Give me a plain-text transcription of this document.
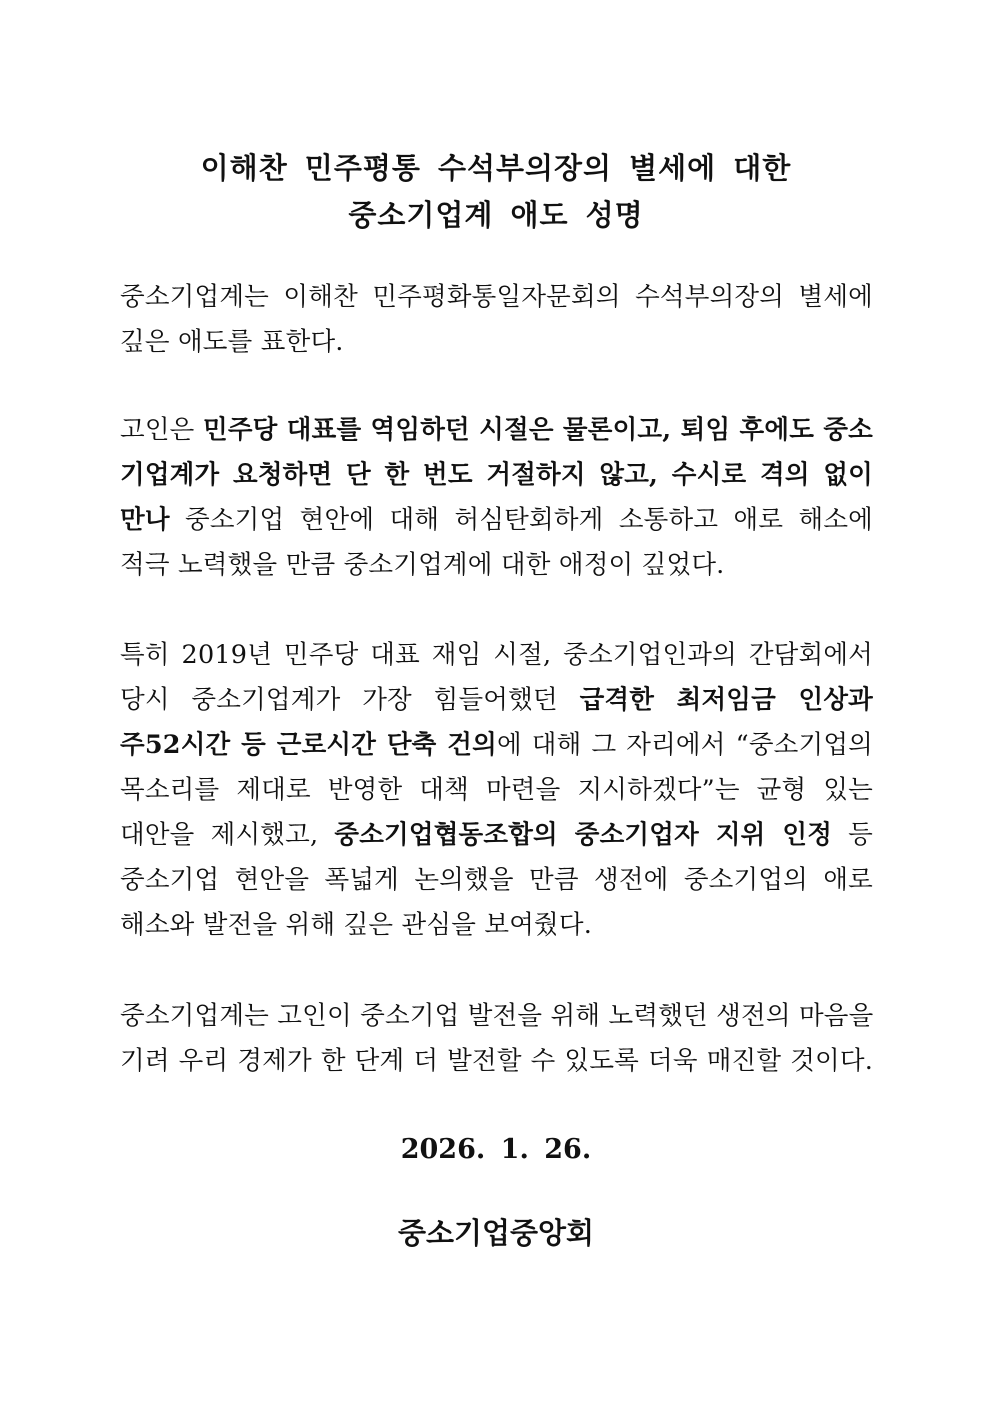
이해찬 민주평통 수석부의장의 별세에 대한
중소기업계 애도 성명
중소기업계는 이해찬 민주평화통일자문회의 수석부의장의 별세에
깊은 애도를 표한다.
고인은 민주당 대표를 역임하던 시절은 물론이고, 퇴임 후에도 중소
기업계가 요청하면 단 한 번도 거절하지 않고, 수시로 격의 없이
만나 중소기업 현안에 대해 허심탄회하게 소통하고 애로 해소에
적극 노력했을 만큼 중소기업계에 대한 애정이 깊었다.
특히 2019년 민주당 대표 재임 시절, 중소기업인과의 간담회에서
당시 중소기업계가 가장 힘들어했던 급격한 최저임금 인상과
주52시간 등 근로시간 단축 건의에 대해 그 자리에서 “중소기업의
목소리를 제대로 반영한 대책 마련을 지시하겠다”는 균형 있는
대안을 제시했고, 중소기업협동조합의 중소기업자 지위 인정 등
중소기업 현안을 폭넓게 논의했을 만큼 생전에 중소기업의 애로
해소와 발전을 위해 깊은 관심을 보여줬다.
중소기업계는 고인이 중소기업 발전을 위해 노력했던 생전의 마음을
기려 우리 경제가 한 단계 더 발전할 수 있도록 더욱 매진할 것이다.
2026. 1. 26.
중소기업중앙회
